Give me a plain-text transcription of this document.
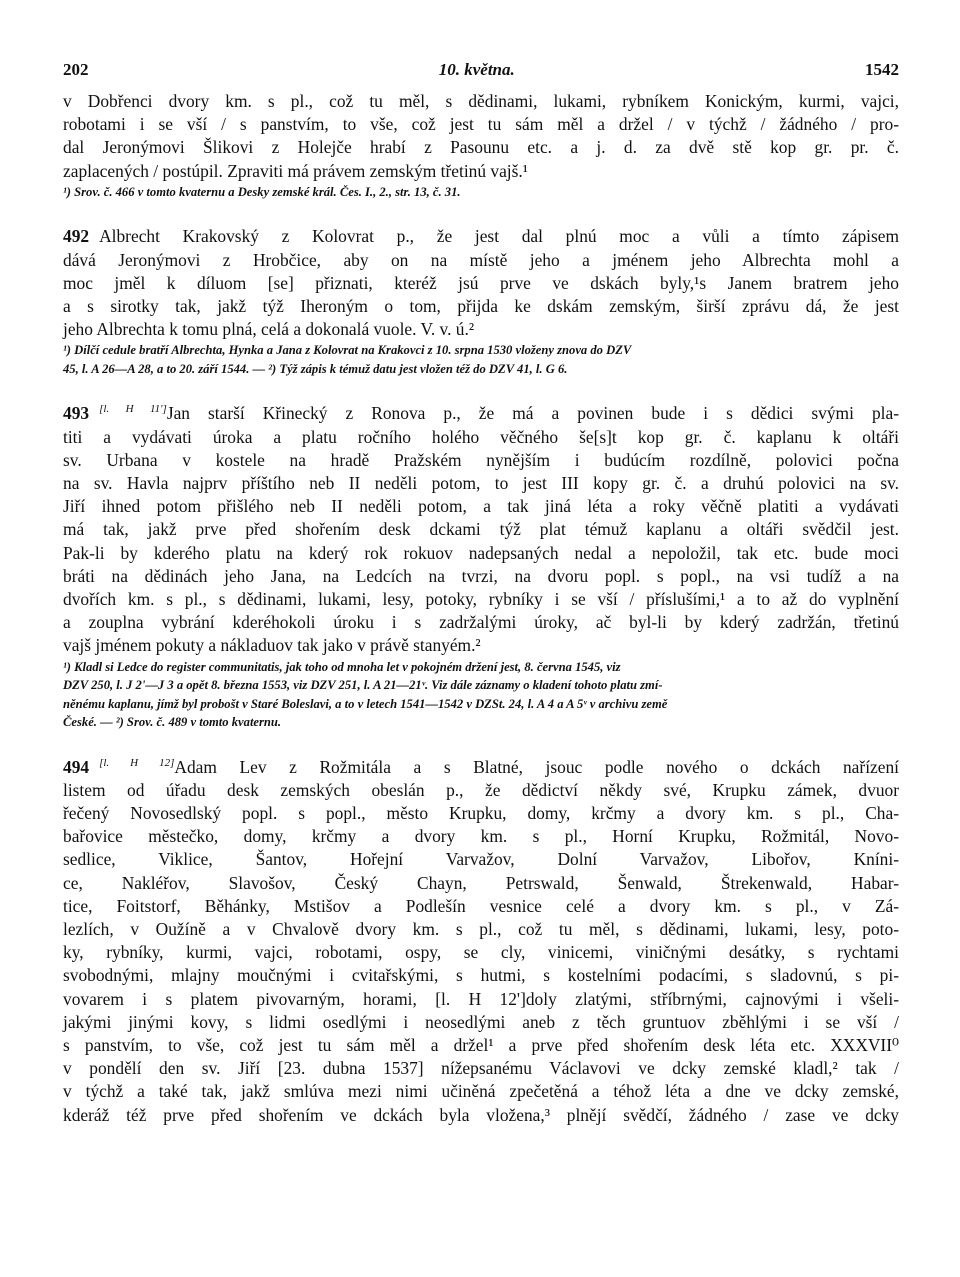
202	10. května.	1542
v Dobřenci dvory km. s pl., což tu měl, s dědinami, lukami, rybníkem Konickým, kurmi, vajci,
robotami i se vší / s panstvím, to vše, což jest tu sám měl a držel / v týchž / žádného / pro-
dal Jeronýmovi Šlikovi z Holejče hrabí z Pasounu etc. a j. d. za dvě stě kop gr. pr. č.
zaplacených / postúpil. Zpraviti má právem zemským třetinú vajš.¹
¹) Srov. č. 466 v tomto kvaternu a Desky zemské král. Čes. I., 2., str. 13, č. 31.
492 Albrecht Krakovský z Kolovrat p., že jest dal plnú moc a vůli a tímto zápisem
dává Jeronýmovi z Hrobčice, aby on na místě jeho a jménem jeho Albrechta mohl a
moc jměl k díluom [se] přiznati, kteréž jsú prve ve dskách byly,¹s Janem bratrem jeho
a s sirotky tak, jakž týž Iheroným o tom, přijda ke dskám zemským, širší zprávu dá, že jest
jeho Albrechta k tomu plná, celá a dokonalá vuole. V. v. ú.²
¹) Dílčí cedule bratří Albrechta, Hynka a Jana z Kolovrat na Krakovci z 10. srpna 1530 vloženy znova do DZV
45, l. A 26—A 28, a to 20. září 1544. — ²) Týž zápis k témuž datu jest vložen též do DZV 41, l. G 6.
493 [l. H 11']Jan starší Křinecký z Ronova p., že má a povinen bude i s dědici svými pla-
titi a vydávati úroka a platu ročního holého věčného še[s]t kop gr. č. kaplanu k oltáři
sv. Urbana v kostele na hradě Pražském nynějším i budúcím rozdílně, polovici počna
na sv. Havla najprv příštího neb II neděli potom, to jest III kopy gr. č. a druhú polovici na sv.
Jiří ihned potom přišlého neb II neděli potom, a tak jiná léta a roky věčně platiti a vydávati
má tak, jakž prve před shořením desk dckami týž plat témuž kaplanu a oltáři svědčil jest.
Pak-li by kderého platu na kderý rok rokuov nadepsaných nedal a nepoložil, tak etc. bude moci
bráti na dědinách jeho Jana, na Ledcích na tvrzi, na dvoru popl. s popl., na vsi tudíž a na
dvořích km. s pl., s dědinami, lukami, lesy, potoky, rybníky i se vší / příslušími,¹ a to až do vyplnění
a zouplna vybrání kderéhokoli úroku i s zadržalými úroky, ač byl-li by kderý zadržán, třetinú
vajš jménem pokuty a nákladuov tak jako v právě stanyém.²
¹) Kladl si Ledce do register communitatis, jak toho od mnoha let v pokojném držení jest, 8. června 1545, viz
DZV 250, l. J 2'—J 3 a opět 8. března 1553, viz DZV 251, l. A 21—21ᵛ. Viz dále záznamy o kladení tohoto platu zmí-
něnému kaplanu, jímž byl probošt v Staré Boleslavi, a to v letech 1541—1542 v DZSt. 24, l. A 4 a A 5ᵛ v archivu země
České. — ²) Srov. č. 489 v tomto kvaternu.
494 [l. H 12]Adam Lev z Rožmitála a s Blatné, jsouc podle nového o dckách nařízení
listem od úřadu desk zemských obeslán p., že dědictví někdy své, Krupku zámek, dvuor
řečený Novosedlský popl. s popl., město Krupku, domy, krčmy a dvory km. s pl., Cha-
bařovice městečko, domy, krčmy a dvory km. s pl., Horní Krupku, Rožmitál, Novo-
sedlice, Viklice, Šantov, Hořejní Varvažov, Dolní Varvažov, Libořov, Kníni-
ce, Nakléřov, Slavošov, Český Chayn, Petrswald, Šenwald, Štrekenwald, Habar-
tice, Foitstorf, Běhánky, Mstišov a Podlešín vesnice celé a dvory km. s pl., v Zá-
lezlích, v Oužíně a v Chvalově dvory km. s pl., což tu měl, s dědinami, lukami, lesy, poto-
ky, rybníky, kurmi, vajci, robotami, ospy, se cly, vinicemi, viničnými desátky, s rychtami
svobodnými, mlajny moučnými i cvitařskými, s hutmi, s kostelními podacími, s sladovnú, s pi-
vovarem i s platem pivovarným, horami, [l. H 12']doly zlatými, stříbrnými, cajnovými i všeli-
jakými jinými kovy, s lidmi osedlými i neosedlými aneb z těch gruntuov zběhlými i se vší /
s panstvím, to vše, což jest tu sám měl a držel¹ a prve před shořením desk léta etc. XXXVII⁰
v pondělí den sv. Jiří [23. dubna 1537] nížepsanému Václavovi ve dcky zemské kladl,² tak /
v týchž a také tak, jakž smlúva mezi nimi učiněná zpečetěná a téhož léta a dne ve dcky zemské,
kderáž též prve před shořením ve dckách byla vložena,³ plnějí svědčí, žádného / zase ve dcky
